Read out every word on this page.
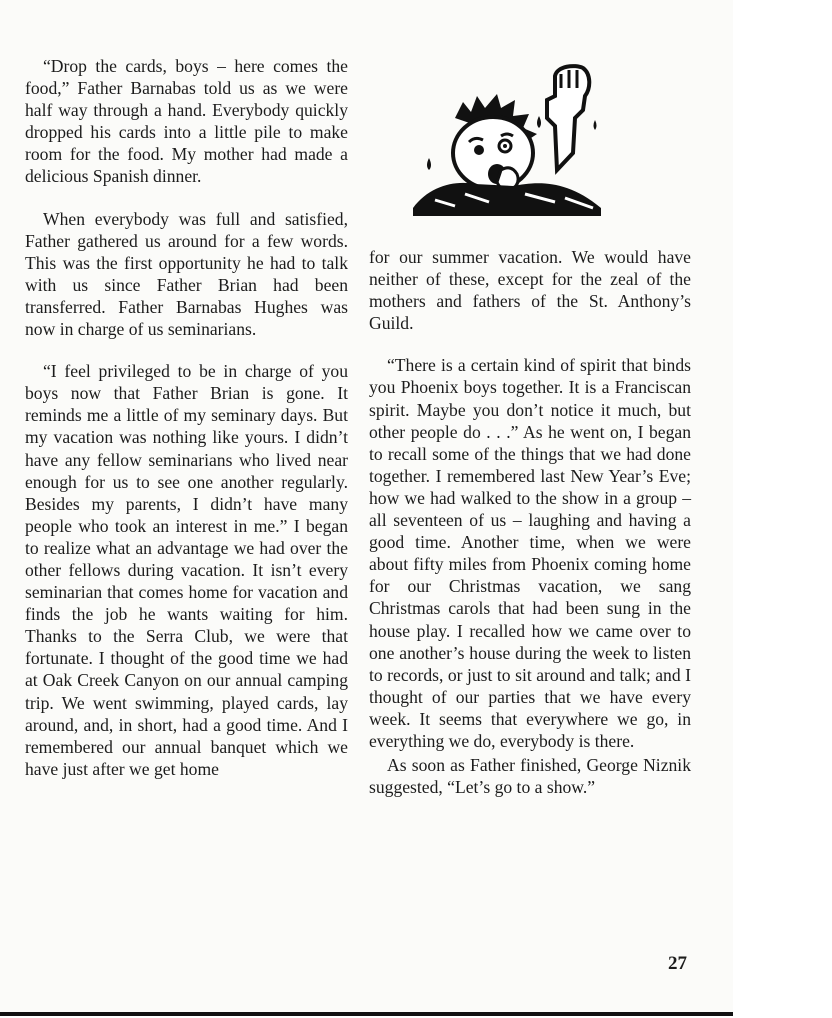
“Drop the cards, boys – here comes the food,” Father Barnabas told us as we were half way through a hand. Everybody quickly dropped his cards into a little pile to make room for the food. My mother had made a delicious Spanish dinner.

When everybody was full and satisfied, Father gathered us around for a few words. This was the first opportunity he had to talk with us since Father Brian had been transferred. Father Barnabas Hughes was now in charge of us seminarians.

“I feel privileged to be in charge of you boys now that Father Brian is gone. It reminds me a little of my seminary days. But my vacation was nothing like yours. I didn’t have any fellow seminarians who lived near enough for us to see one another regularly. Besides my parents, I didn’t have many people who took an interest in me.” I began to realize what an advantage we had over the other fellows during vacation. It isn’t every seminarian that comes home for vacation and finds the job he wants waiting for him. Thanks to the Serra Club, we were that fortunate. I thought of the good time we had at Oak Creek Canyon on our annual camping trip. We went swimming, played cards, lay around, and, in short, had a good time. And I remembered our annual banquet which we have just after we get home

for our summer vacation. We would have neither of these, except for the zeal of the mothers and fathers of the St. Anthony’s Guild.

“There is a certain kind of spirit that binds you Phoenix boys together. It is a Franciscan spirit. Maybe you don’t notice it much, but other people do . . .” As he went on, I began to recall some of the things that we had done together. I remembered last New Year’s Eve; how we had walked to the show in a group – all seventeen of us – laughing and having a good time. Another time, when we were about fifty miles from Phoenix coming home for our Christmas vacation, we sang Christmas carols that had been sung in the house play. I recalled how we came over to one another’s house during the week to listen to records, or just to sit around and talk; and I thought of our parties that we have every week. It seems that everywhere we go, in everything we do, everybody is there.

As soon as Father finished, George Niznik suggested, “Let’s go to a show.”

27
